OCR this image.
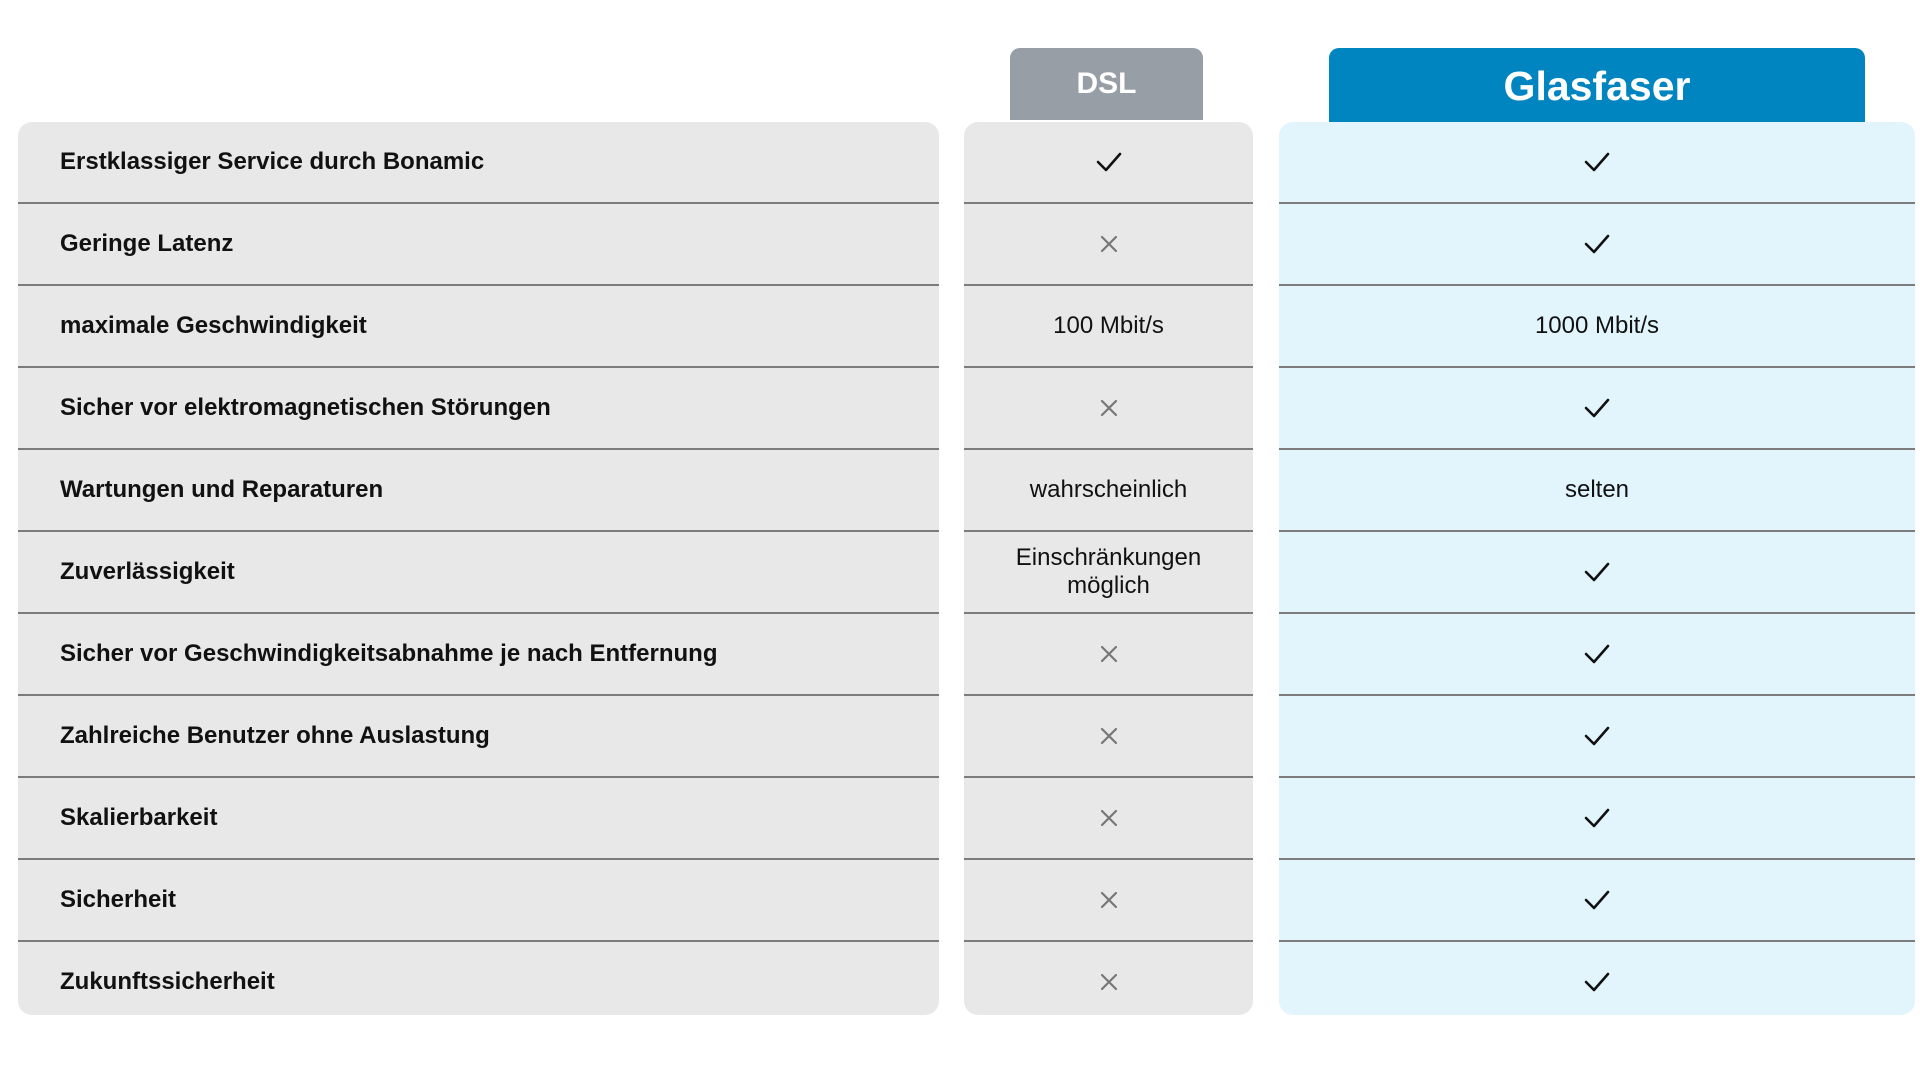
DSL	Glasfaser
Erstklassiger Service durch Bonamic
Geringe Latenz
maximale Geschwindigkeit
Sicher vor elektromagnetischen Störungen
Wartungen und Reparaturen
Zuverlässigkeit
Sicher vor Geschwindigkeitsabnahme je nach Entfernung
Zahlreiche Benutzer ohne Auslastung
Skalierbarkeit
Sicherheit
Zukunftssicherheit
100 Mbit/s
wahrscheinlich
Einschränkungen
möglich
1000 Mbit/s
selten
